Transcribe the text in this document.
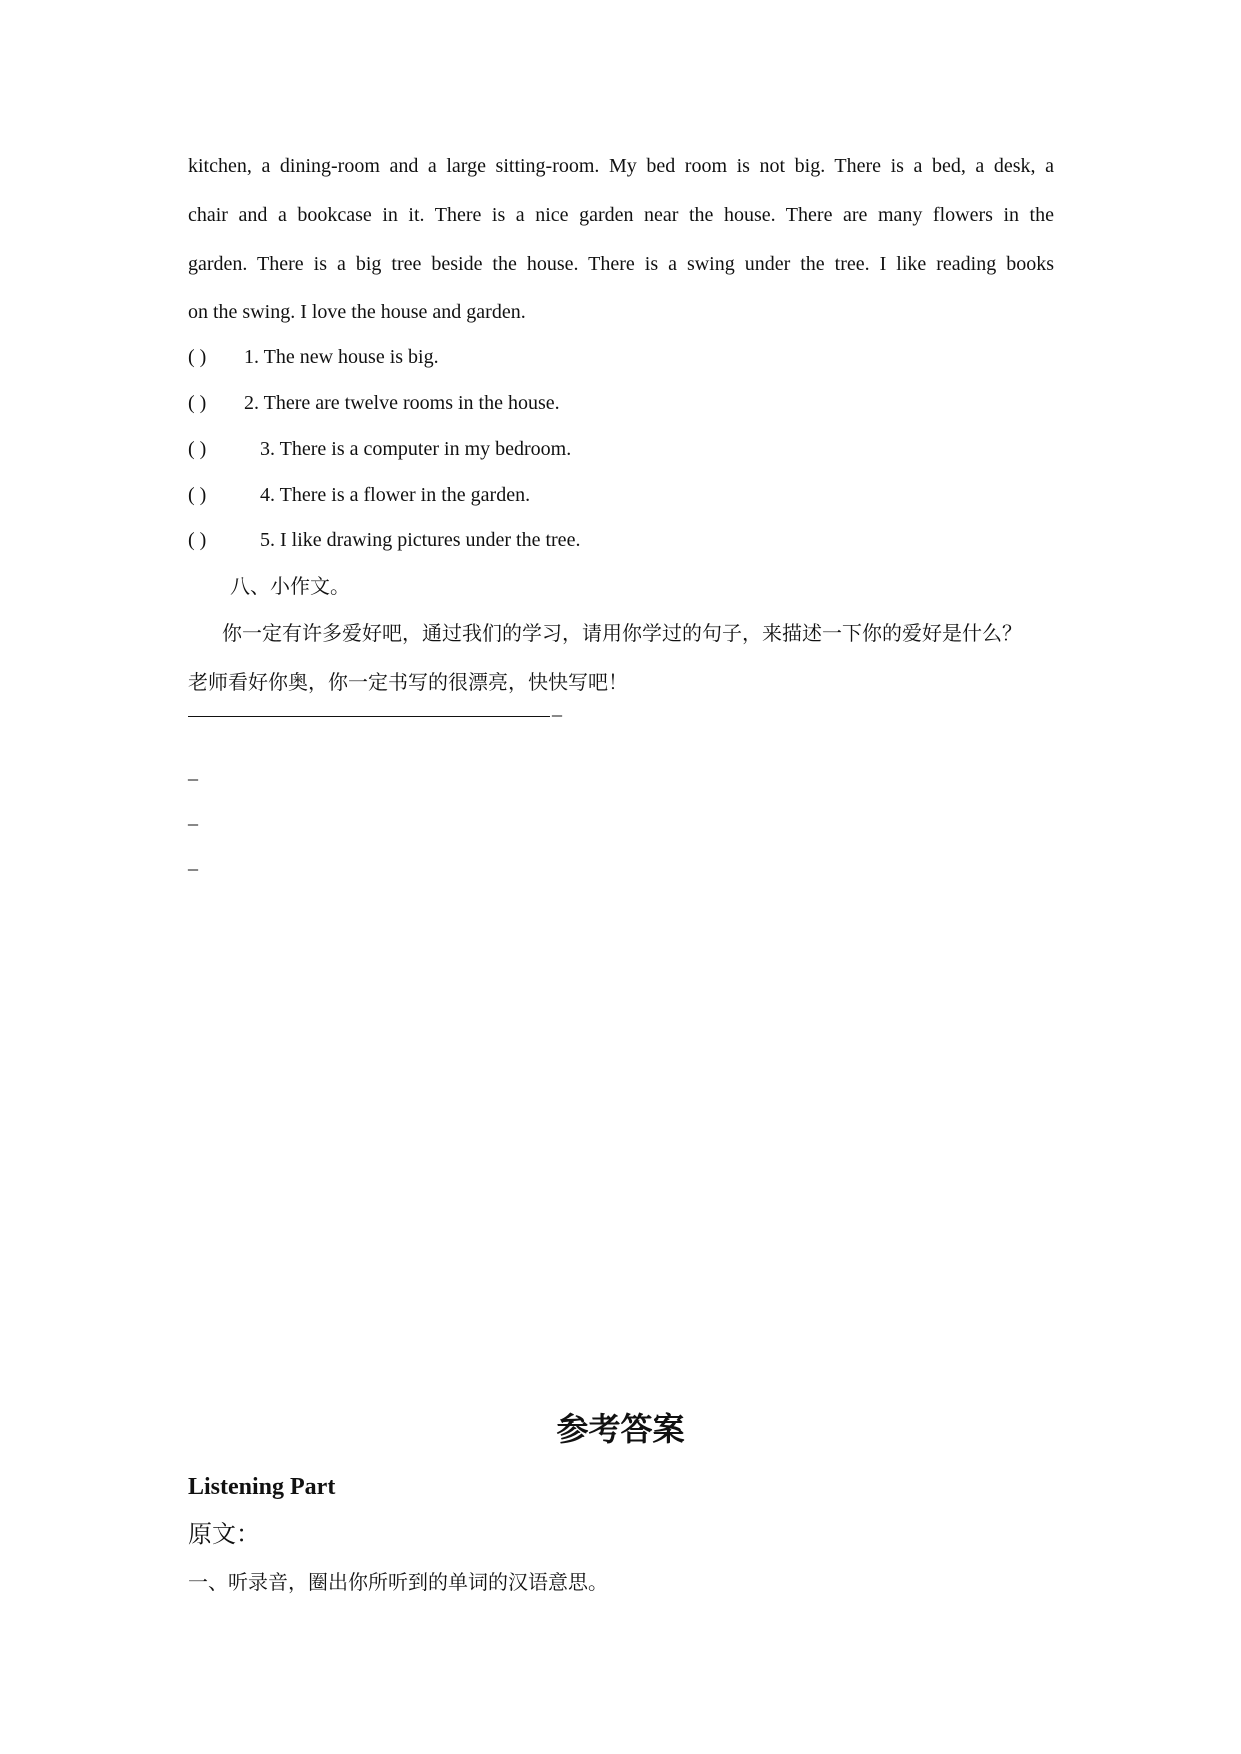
kitchen, a dining-room and a large sitting-room. My bed room is not big. There is a bed, a desk, a
chair and a bookcase in it. There is a nice garden near the house. There are many flowers in the
garden. There is a big tree beside the house. There is a swing under the tree. I like reading books
on the swing. I love the house and garden.
( )	1. The new house is big.
( )	2. There are twelve rooms in the house.
( )	3. There is a computer in my bedroom.
( )	4. There is a flower in the garden.
( )	5. I like drawing pictures under the tree.
八、小作文。
你一定有许多爱好吧，通过我们的学习，请用你学过的句子，来描述一下你的爱好是什么？
老师看好你奥，你一定书写的很漂亮，快快写吧！
_
_
_
_
参考答案
Listening Part
原文：
一、听录音，圈出你所听到的单词的汉语意思。
